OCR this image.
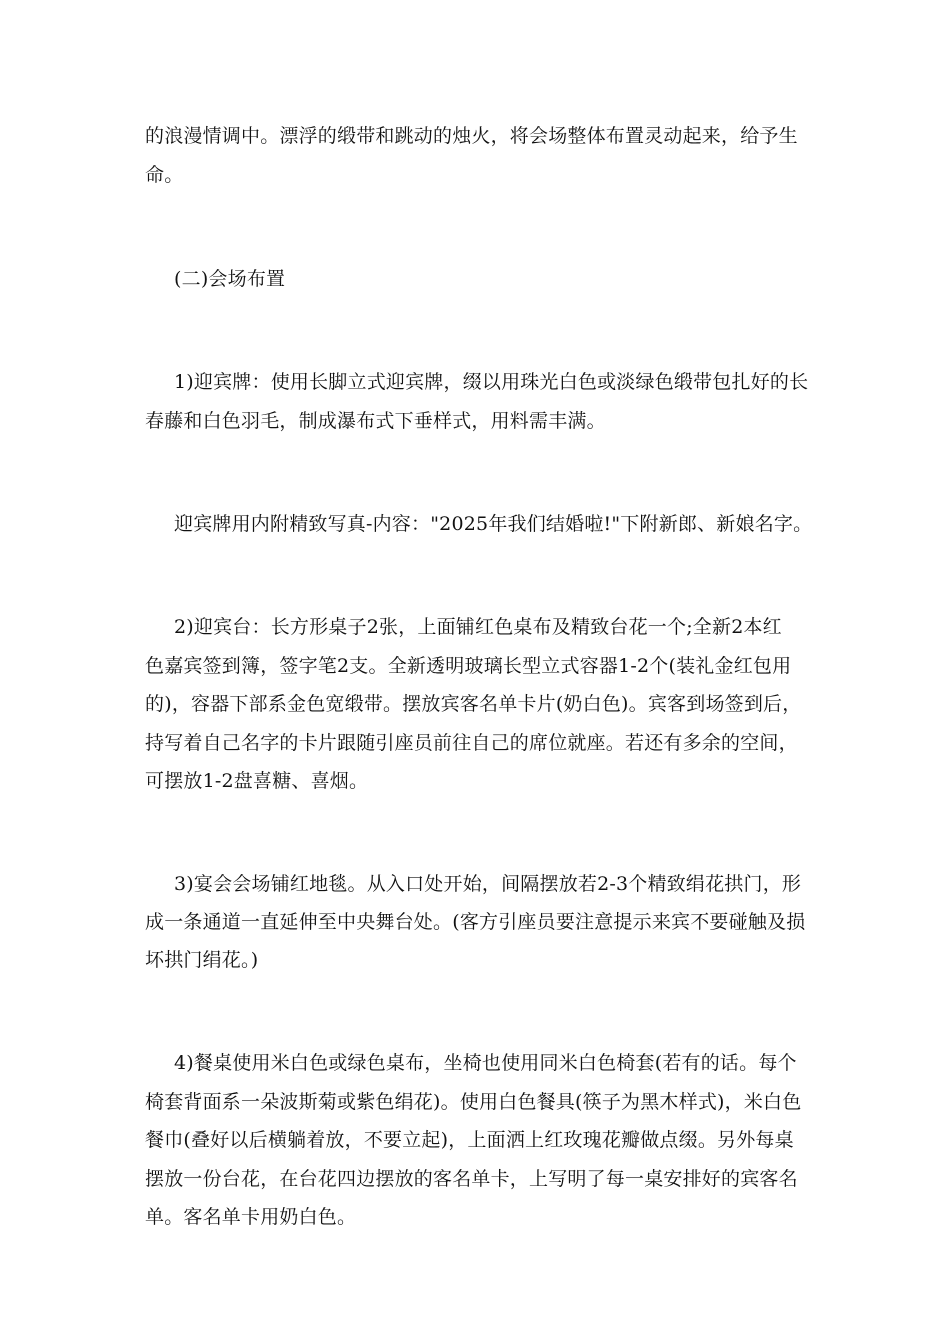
的浪漫情调中。漂浮的缎带和跳动的烛火，将会场整体布置灵动起来，给予生
命。
(二)会场布置
1)迎宾牌：使用长脚立式迎宾牌，缀以用珠光白色或淡绿色缎带包扎好的长
春藤和白色羽毛，制成瀑布式下垂样式，用料需丰满。
迎宾牌用内附精致写真-内容："2025年我们结婚啦!"下附新郎、新娘名字。
2)迎宾台：长方形桌子2张，上面铺红色桌布及精致台花一个;全新2本红
色嘉宾签到簿，签字笔2支。全新透明玻璃长型立式容器1-2个(装礼金红包用
的)，容器下部系金色宽缎带。摆放宾客名单卡片(奶白色)。宾客到场签到后，
持写着自己名字的卡片跟随引座员前往自己的席位就座。若还有多余的空间，
可摆放1-2盘喜糖、喜烟。
3)宴会会场铺红地毯。从入口处开始，间隔摆放若2-3个精致绢花拱门，形
成一条通道一直延伸至中央舞台处。(客方引座员要注意提示来宾不要碰触及损
坏拱门绢花。)
4)餐桌使用米白色或绿色桌布，坐椅也使用同米白色椅套(若有的话。每个
椅套背面系一朵波斯菊或紫色绢花)。使用白色餐具(筷子为黑木样式)，米白色
餐巾(叠好以后横躺着放，不要立起)，上面洒上红玫瑰花瓣做点缀。另外每桌
摆放一份台花，在台花四边摆放的客名单卡，上写明了每一桌安排好的宾客名
单。客名单卡用奶白色。
